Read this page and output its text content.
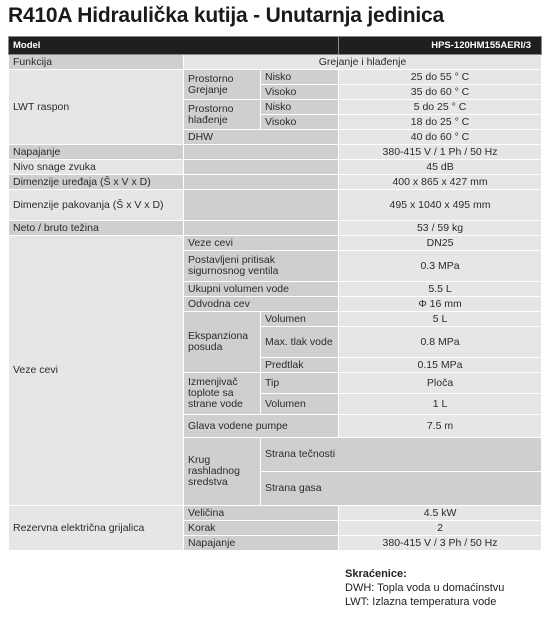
R410A Hidraulička kutija - Unutarnja jedinica
Model			HPS-120HM155AERI/3	
Funkcija	Grejanje i hlađenje			
LWT raspon	Prostorno Grejanje	Nisko	25 do 55 ° C	
		Visoko	35 do 60 ° C	
	Prostorno hlađenje	Nisko	5 do 25 ° C	
		Visoko	18 do 25 ° C	
	DHW		40 do 60 ° C	
Napajanje			380-415 V / 1 Ph / 50 Hz	
Nivo snage zvuka			45 dB	
Dimenzije uređaja (Š x V x D)			400 x 865 x 427 mm	
Dimenzije pakovanja (Š x V x D)			495 x 1040 x 495 mm	
Neto / bruto težina			53 / 59 kg	
Veze cevi	Veze cevi		DN25	
	Postavljeni pritisak sigurnosnog ventila		0.3 MPa	
	Ukupni volumen vode		5.5 L	
	Odvodna cev		Φ 16 mm	
	Ekspanziona posuda	Volumen	5 L	
		Max. tlak vode	0.8 MPa	
		Predtlak	0.15 MPa	
	Izmenjivač toplote sa strane vode	Tip	Ploča	
		Volumen	1 L	
	Glava vodene pumpe		7.5 m	
	Krug rashladnog sredstva	Strana tečnosti	
		Strana gasa	
Rezervna električna grijalica	Veličina		4.5 kW	
	Korak		2	
	Napajanje		380-415 V / 3 Ph / 50 Hz	
Skraćenice:
DWH: Topla voda u domaćinstvu
LWT: Izlazna temperatura vode
